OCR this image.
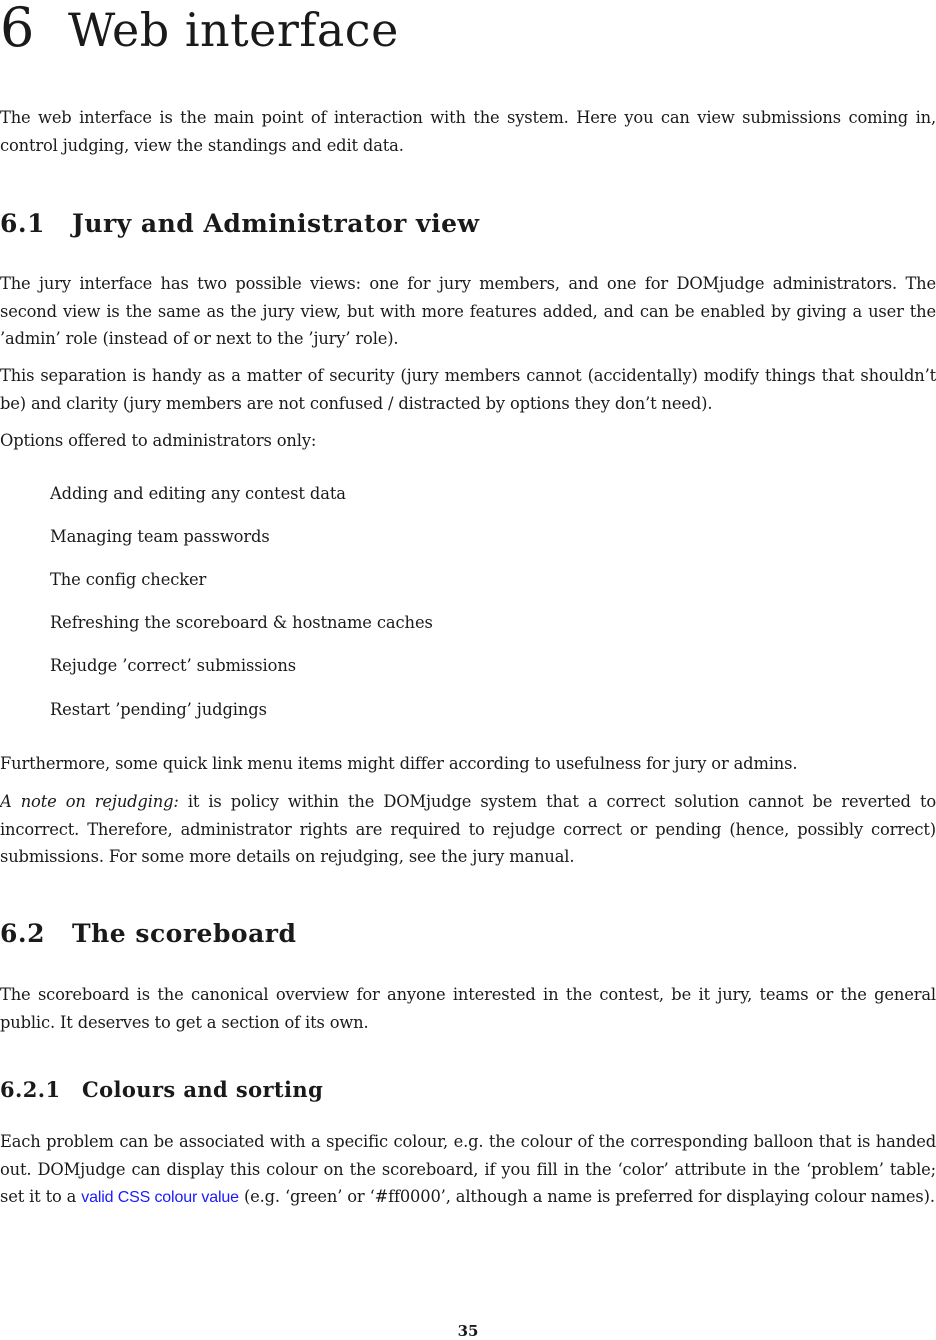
6 Web interface

The web interface is the main point of interaction with the system. Here you can view submissions coming in, control judging, view the standings and edit data.

6.1 Jury and Administrator view

The jury interface has two possible views: one for jury members, and one for DOMjudge administrators. The second view is the same as the jury view, but with more features added, and can be enabled by giving a user the ’admin’ role (instead of or next to the ’jury’ role).

This separation is handy as a matter of security (jury members cannot (accidentally) modify things that shouldn’t be) and clarity (jury members are not confused / distracted by options they don’t need).

Options offered to administrators only:

Adding and editing any contest data
Managing team passwords
The config checker
Refreshing the scoreboard & hostname caches
Rejudge ’correct’ submissions
Restart ’pending’ judgings

Furthermore, some quick link menu items might differ according to usefulness for jury or admins.

A note on rejudging: it is policy within the DOMjudge system that a correct solution cannot be reverted to incorrect. Therefore, administrator rights are required to rejudge correct or pending (hence, possibly correct) submissions. For some more details on rejudging, see the jury manual.

6.2 The scoreboard

The scoreboard is the canonical overview for anyone interested in the contest, be it jury, teams or the general public. It deserves to get a section of its own.

6.2.1 Colours and sorting

Each problem can be associated with a specific colour, e.g. the colour of the corresponding balloon that is handed out. DOMjudge can display this colour on the scoreboard, if you fill in the ‘color’ attribute in the ‘problem’ table; set it to a valid CSS colour value (e.g. ‘green’ or ‘#ff0000’, although a name is preferred for displaying colour names).

35
